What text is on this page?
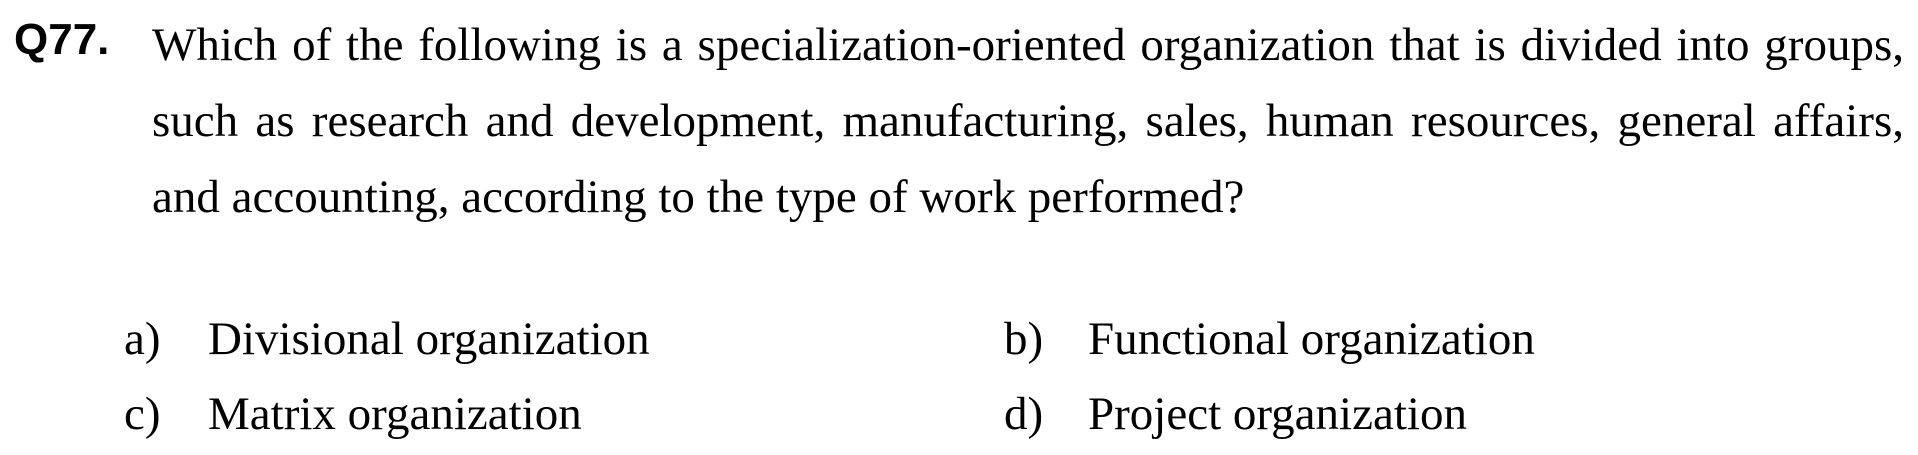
Q77. Which of the following is a specialization-oriented organization that is divided into groups, such as research and development, manufacturing, sales, human resources, general affairs, and accounting, according to the type of work performed?
a) Divisional organization	b) Functional organization
c) Matrix organization	d) Project organization
